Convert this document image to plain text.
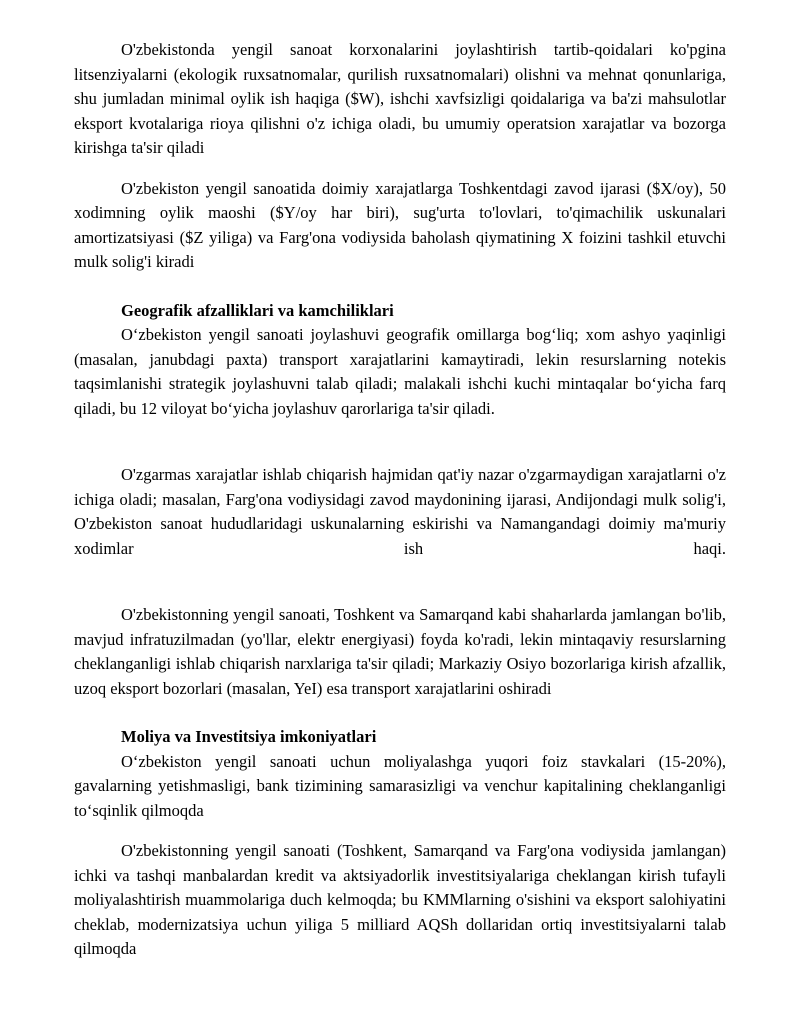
O'zbekistonda yengil sanoat korxonalarini joylashtirish tartib-qoidalari ko'pgina litsenziyalarni (ekologik ruxsatnomalar, qurilish ruxsatnomalari) olishni va mehnat qonunlariga, shu jumladan minimal oylik ish haqiga ($W), ishchi xavfsizligi qoidalariga va ba'zi mahsulotlar eksport kvotalariga rioya qilishni o'z ichiga oladi, bu umumiy operatsion xarajatlar va bozorga kirishga ta'sir qiladi

O'zbekiston yengil sanoatida doimiy xarajatlarga Toshkentdagi zavod ijarasi ($X/oy), 50 xodimning oylik maoshi ($Y/oy har biri), sug'urta to'lovlari, to'qimachilik uskunalari amortizatsiyasi ($Z yiliga) va Farg'ona vodiysida baholash qiymatining X foizini tashkil etuvchi mulk solig'i kiradi

Geografik afzalliklari va kamchiliklari

O‘zbekiston yengil sanoati joylashuvi geografik omillarga bog‘liq; xom ashyo yaqinligi (masalan, janubdagi paxta) transport xarajatlarini kamaytiradi, lekin resurslarning notekis taqsimlanishi strategik joylashuvni talab qiladi; malakali ishchi kuchi mintaqalar bo‘yicha farq qiladi, bu 12 viloyat bo‘yicha joylashuv qarorlariga ta'sir qiladi.

O'zgarmas xarajatlar ishlab chiqarish hajmidan qat'iy nazar o'zgarmaydigan xarajatlarni o'z ichiga oladi; masalan, Farg'ona vodiysidagi zavod maydonining ijarasi, Andijondagi mulk solig'i, O'zbekiston sanoat hududlaridagi uskunalarning eskirishi va Namangandagi doimiy ma'muriy xodimlar ish haqi.

O'zbekistonning yengil sanoati, Toshkent va Samarqand kabi shaharlarda jamlangan bo'lib, mavjud infratuzilmadan (yo'llar, elektr energiyasi) foyda ko'radi, lekin mintaqaviy resurslarning cheklanganligi ishlab chiqarish narxlariga ta'sir qiladi; Markaziy Osiyo bozorlariga kirish afzallik, uzoq eksport bozorlari (masalan, YeI) esa transport xarajatlarini oshiradi

Moliya va Investitsiya imkoniyatlari

O‘zbekiston yengil sanoati uchun moliyalashga yuqori foiz stavkalari (15-20%), gavalarning yetishmasligi, bank tizimining samarasizligi va venchur kapitalining cheklanganligi to‘sqinlik qilmoqda

O'zbekistonning yengil sanoati (Toshkent, Samarqand va Farg'ona vodiysida jamlangan) ichki va tashqi manbalardan kredit va aktsiyadorlik investitsiyalariga cheklangan kirish tufayli moliyalashtirish muammolariga duch kelmoqda; bu KMMlarning o'sishini va eksport salohiyatini cheklab, modernizatsiya uchun yiliga 5 milliard AQSh dollaridan ortiq investitsiyalarni talab qilmoqda
